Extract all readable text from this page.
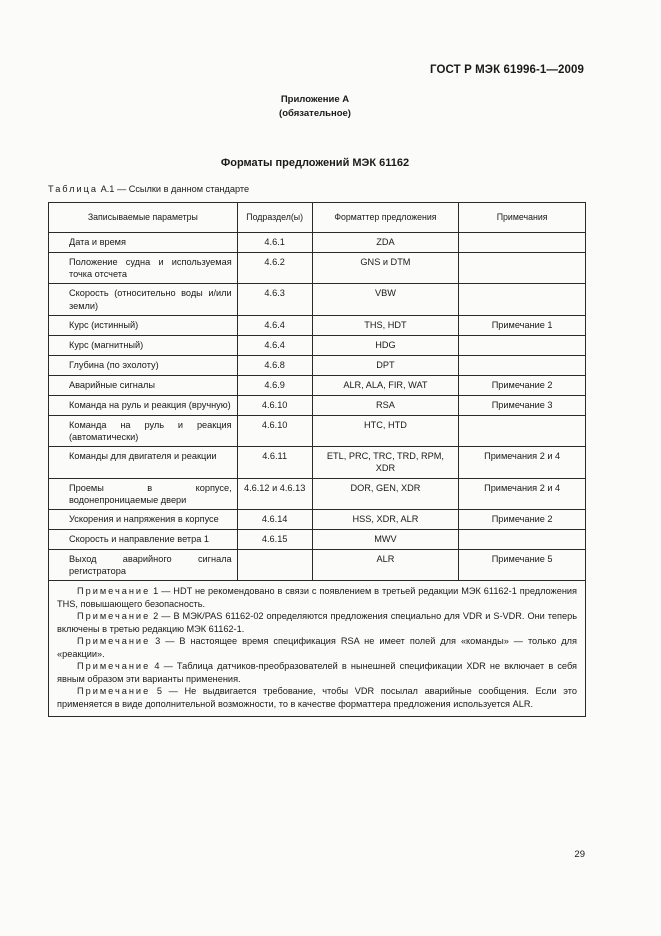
ГОСТ Р МЭК 61996-1—2009
Приложение А
(обязательное)
Форматы предложений МЭК 61162
Таблица А.1 — Ссылки в данном стандарте
Записываемые параметры	Подраздел(ы)	Форматтер предложения	Примечания
Дата и время	4.6.1	ZDA	
Положение судна и используемая точка отсчета	4.6.2	GNS и DTM	
Скорость (относительно воды и/или земли)	4.6.3	VBW	
Курс (истинный)	4.6.4	THS, HDT	Примечание 1
Курс (магнитный)	4.6.4	HDG	
Глубина (по эхолоту)	4.6.8	DPT	
Аварийные сигналы	4.6.9	ALR, ALA, FIR, WAT	Примечание 2
Команда на руль и реакция (вручную)	4.6.10	RSA	Примечание 3
Команда на руль и реакция (автоматически)	4.6.10	HTC, HTD	
Команды для двигателя и реакции	4.6.11	ETL, PRC, TRC, TRD, RPM, XDR	Примечания 2 и 4
Проемы в корпусе, водонепроницаемые двери	4.6.12 и 4.6.13	DOR, GEN, XDR	Примечания 2 и 4
Ускорения и напряжения в корпусе	4.6.14	HSS, XDR, ALR	Примечание 2
Скорость и направление ветра 1	4.6.15	MWV	
Выход аварийного сигнала регистратора		ALR	Примечание 5

Примечание 1 — HDT не рекомендовано в связи с появлением в третьей редакции МЭК 61162-1 предложения THS, повышающего безопасность.

Примечание 2 — В МЭК/PAS 61162-02 определяются предложения специально для VDR и S-VDR. Они теперь включены в третью редакцию МЭК 61162-1.

Примечание 3 — В настоящее время спецификация RSA не имеет полей для «команды» — только для «реакции».

Примечание 4 — Таблица датчиков-преобразователей в нынешней спецификации XDR не включает в себя явным образом эти варианты применения.

Примечание 5 — Не выдвигается требование, чтобы VDR посылал аварийные сообщения. Если это применяется в виде дополнительной возможности, то в качестве форматтера предложения используется ALR.			

29
